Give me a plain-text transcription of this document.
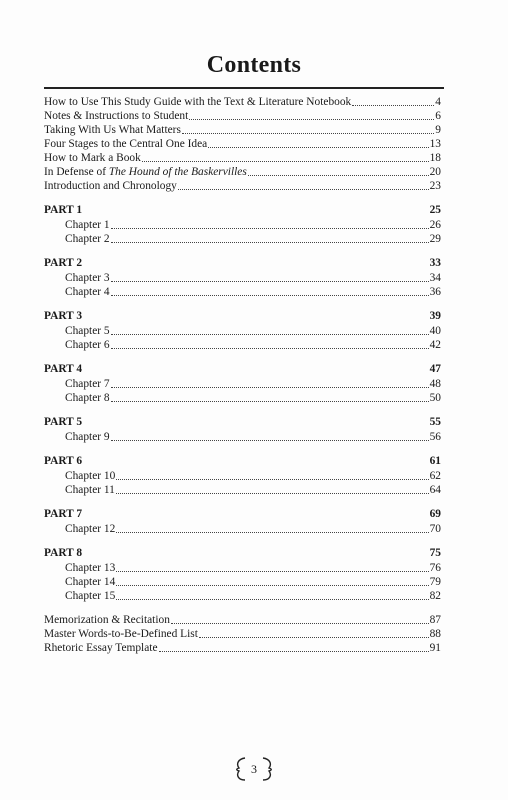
Contents
How to Use This Study Guide with the Text & Literature Notebook	4
Notes & Instructions to Student	6
Taking With Us What Matters	9
Four Stages to the Central One Idea	13
How to Mark a Book	18
In Defense of The Hound of the Baskervilles	20
Introduction and Chronology	23
PART 1	25
Chapter 1	26
Chapter 2	29
PART 2	33
Chapter 3	34
Chapter 4	36
PART 3	39
Chapter 5	40
Chapter 6	42
PART 4	47
Chapter 7	48
Chapter 8	50
PART 5	55
Chapter 9	56
PART 6	61
Chapter 10	62
Chapter 11	64
PART 7	69
Chapter 12	70
PART 8	75
Chapter 13	76
Chapter 14	79
Chapter 15	82
Memorization & Recitation	87
Master Words-to-Be-Defined List	88
Rhetoric Essay Template	91
3
